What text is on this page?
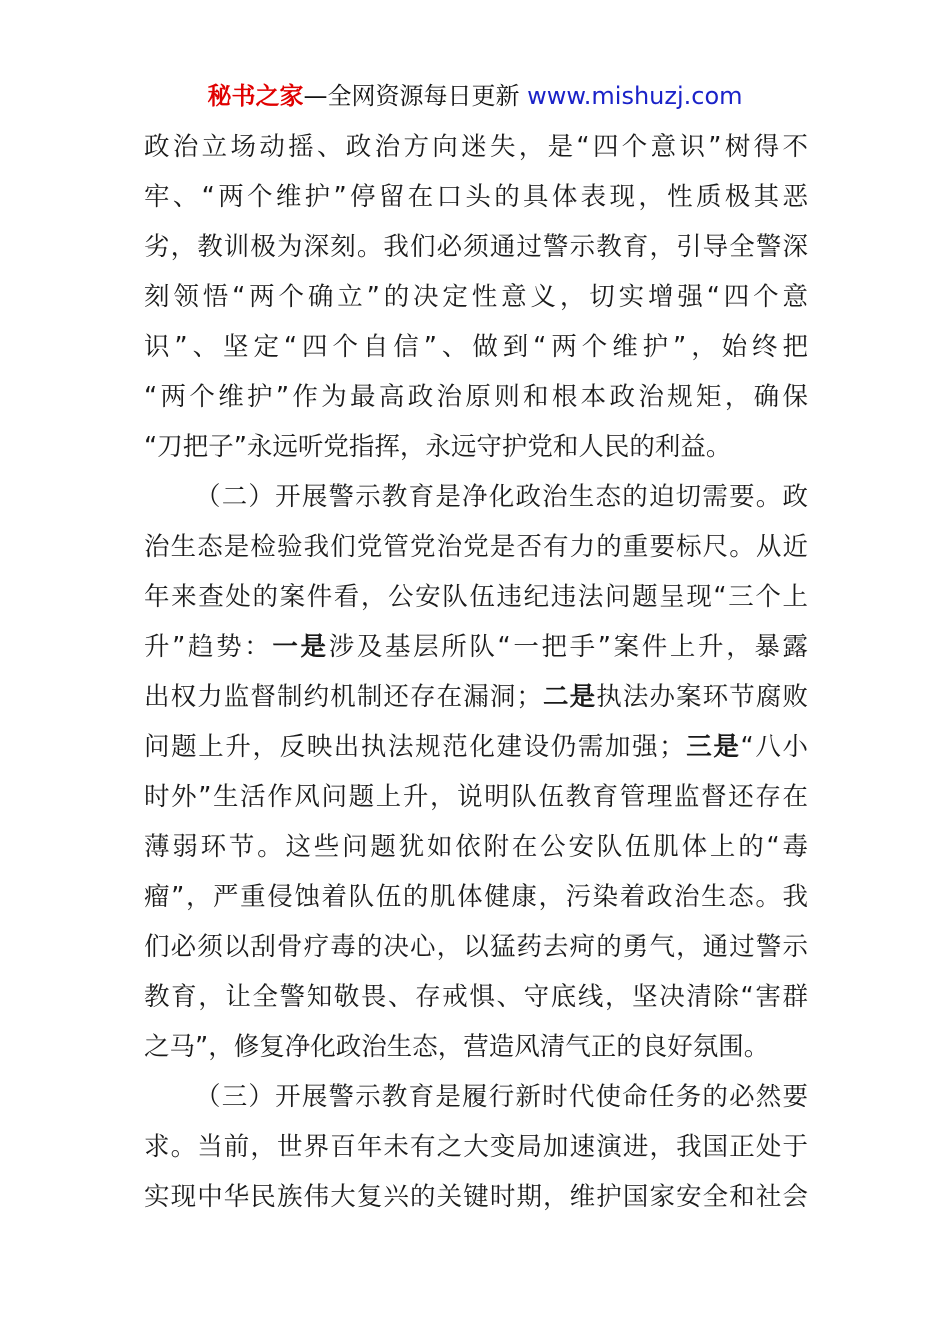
秘书之家—全网资源每日更新 www.mishuzj.com
政治立场动摇、政治方向迷失，是“四个意识”树得不
牢、“两个维护”停留在口头的具体表现，性质极其恶
劣，教训极为深刻。我们必须通过警示教育，引导全警深
刻领悟“两个确立”的决定性意义，切实增强“四个意
识”、坚定“四个自信”、做到“两个维护”，始终把
“两个维护”作为最高政治原则和根本政治规矩，确保
“刀把子”永远听党指挥，永远守护党和人民的利益。
（二）开展警示教育是净化政治生态的迫切需要。政
治生态是检验我们党管党治党是否有力的重要标尺。从近
年来查处的案件看，公安队伍违纪违法问题呈现“三个上
升”趋势：一是涉及基层所队“一把手”案件上升，暴露
出权力监督制约机制还存在漏洞；二是执法办案环节腐败
问题上升，反映出执法规范化建设仍需加强；三是“八小
时外”生活作风问题上升，说明队伍教育管理监督还存在
薄弱环节。这些问题犹如依附在公安队伍肌体上的“毒
瘤”，严重侵蚀着队伍的肌体健康，污染着政治生态。我
们必须以刮骨疗毒的决心，以猛药去疴的勇气，通过警示
教育，让全警知敬畏、存戒惧、守底线，坚决清除“害群
之马”，修复净化政治生态，营造风清气正的良好氛围。
（三）开展警示教育是履行新时代使命任务的必然要
求。当前，世界百年未有之大变局加速演进，我国正处于
实现中华民族伟大复兴的关键时期，维护国家安全和社会
